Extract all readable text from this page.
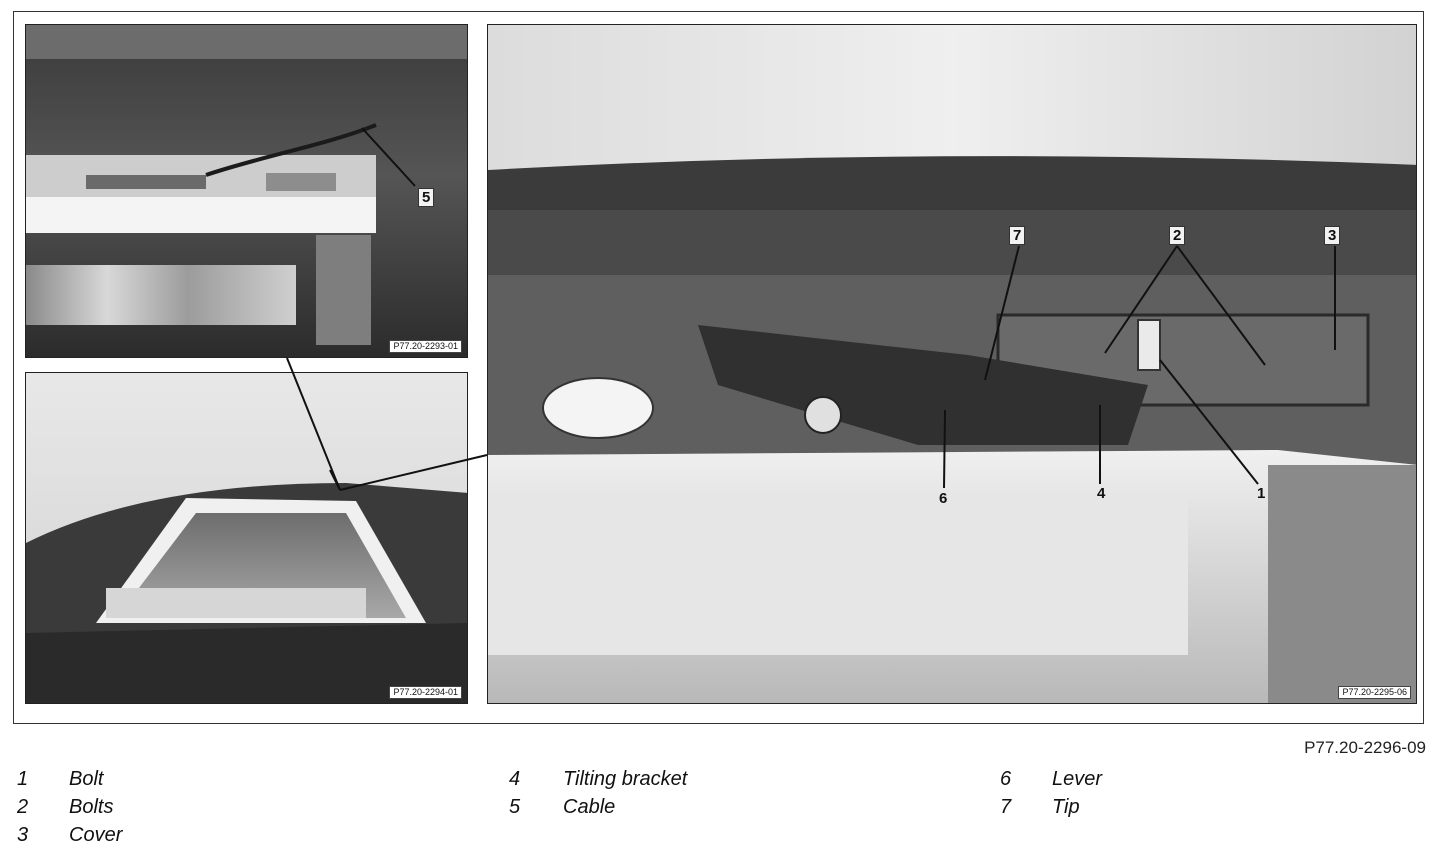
5
P77.20-2293-01
P77.20-2294-01
7	2	3
6	4	1
P77.20-2295-06
P77.20-2296-09
1 Bolt
2 Bolts
3 Cover
4 Tilting bracket
5 Cable
6 Lever
7 Tip
